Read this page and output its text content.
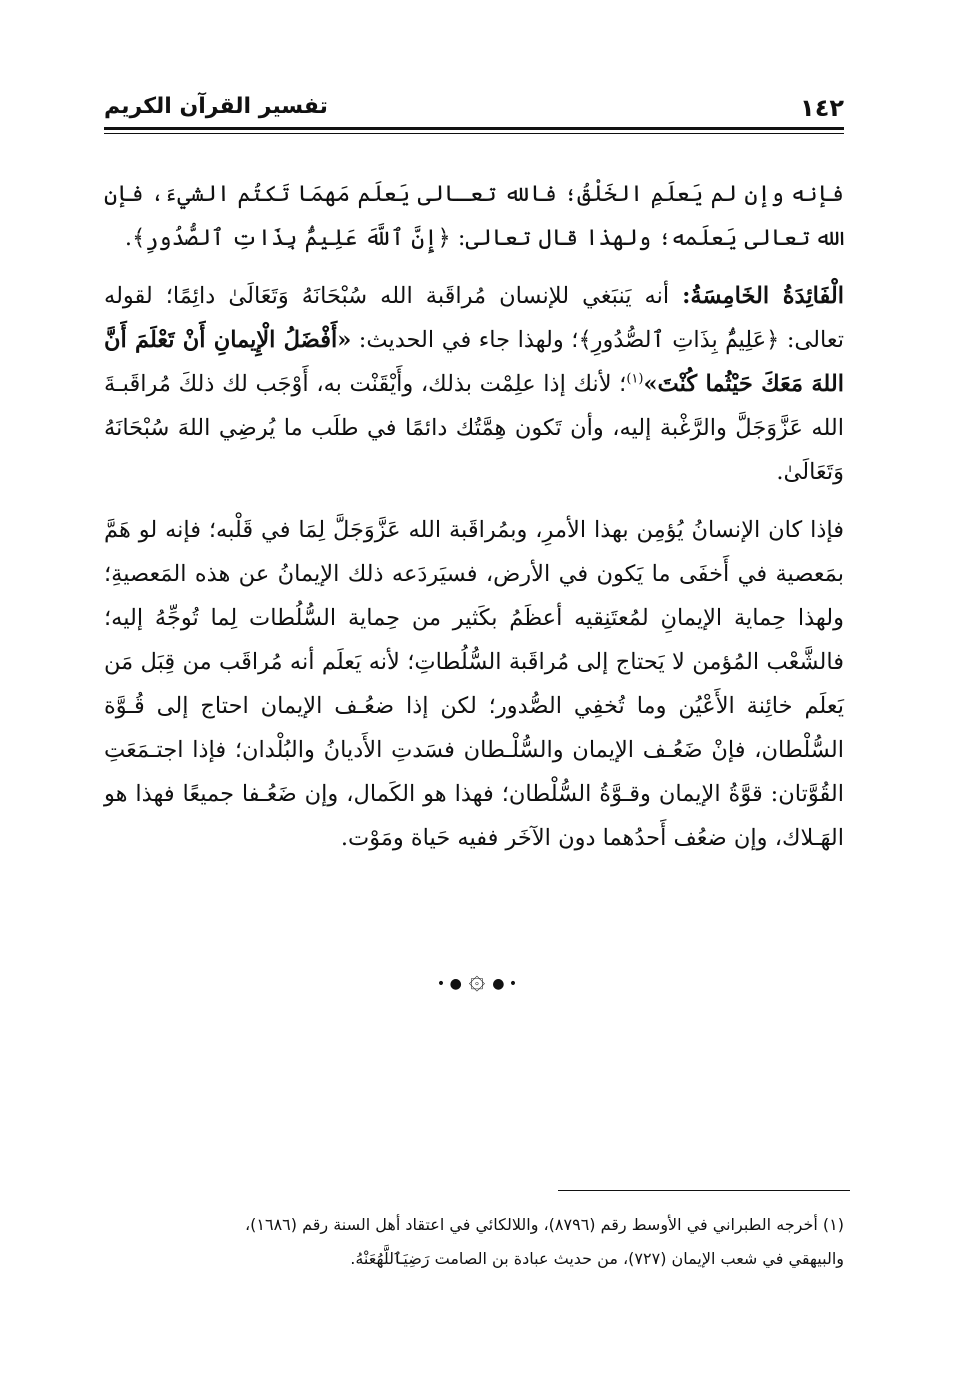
١٤٢
تفسير القرآن الكريم

فإنه وإن لم يَعلَمِ الخَلْقُ؛ فالله تعـالى يَعلَم مَهمَا تَكتُم الشيءَ، فإن الله تعالى يَعلَمه؛ ولهذا قال تعالى: ﴿إِنَّ ٱللَّهَ عَلِيمٌۢ بِذَاتِ ٱلصُّدُورِ﴾.

الْفَائِدَةُ الخَامِسَةُ: أنه يَنبَغي للإنسان مُراقَبة الله سُبْحَانَهُ وَتَعَالَىٰ دائِمًا؛ لقوله تعالى: ﴿عَلِيمٌۢ بِذَاتِ ٱلصُّدُورِ﴾؛ ولهذا جاء في الحديث: «أَفْضَلُ الْإِيمانِ أَنْ تَعْلَمَ أَنَّ اللهَ مَعَكَ حَيْثُما كُنْتَ»$^{(١)}$؛ لأنك إذا علِمْت بذلك، وأَيْقَنْت به، أَوْجَب لك ذلكَ مُراقَبـةَ الله عَزَّوَجَلَّ والرَّغْبة إليه، وأن تَكون هِمَّتُك دائمًا في طلَب ما يُرضِي اللهَ سُبْحَانَهُ وَتَعَالَىٰ.

فإذا كان الإنسانُ يُؤمِن بهذا الأمرِ، وبمُراقَبة الله عَزَّوَجَلَّ لِمَا في قَلْبه؛ فإنه لو هَمَّ بمَعصية في أَخفَى ما يَكون في الأرض، فسيَردَعه ذلك الإيمانُ عن هذه المَعصيةِ؛ ولهذا حِماية الإيمانِ لمُعتَنِقيه أعظَمُ بكَثير من حِماية السُّلُطات لِما تُوجِّهُ إليه؛ فالشَّعْب المُؤمن لا يَحتاج إلى مُراقَبة السُّلُطاتِ؛ لأنه يَعلَم أنه مُراقَب من قِبَل مَن يَعلَم خائِنة الأَعْيُن وما تُخفِي الصُّدور؛ لكن إذا ضعُـف الإيمان احتاج إلى قُـوَّة السُّلْطان، فإنْ ضَعُـف الإيمان والسُّلْـطان فسَدتِ الأَديانُ والبُلْدان؛ فإذا اجتـمَعَتِ القُوَّتان: قوَّةُ الإيمان وقـوَّةُ السُّلْطان؛ فهذا هو الكَمال، وإن ضَعُـفا جميعًا فهذا هو الهَـلاك، وإن ضعُف أَحدُهما دون الآخَر ففيه حَياة ومَوْت.

• ● ۞ ● •

(١) أخرجه الطبراني في الأوسط رقم (٨٧٩٦)، واللالكائي في اعتقاد أهل السنة رقم (١٦٨٦)،

والبيهقي في شعب الإيمان (٧٢٧)، من حديث عبادة بن الصامت رَضِيَٱللَّهُعَنْهُ.
